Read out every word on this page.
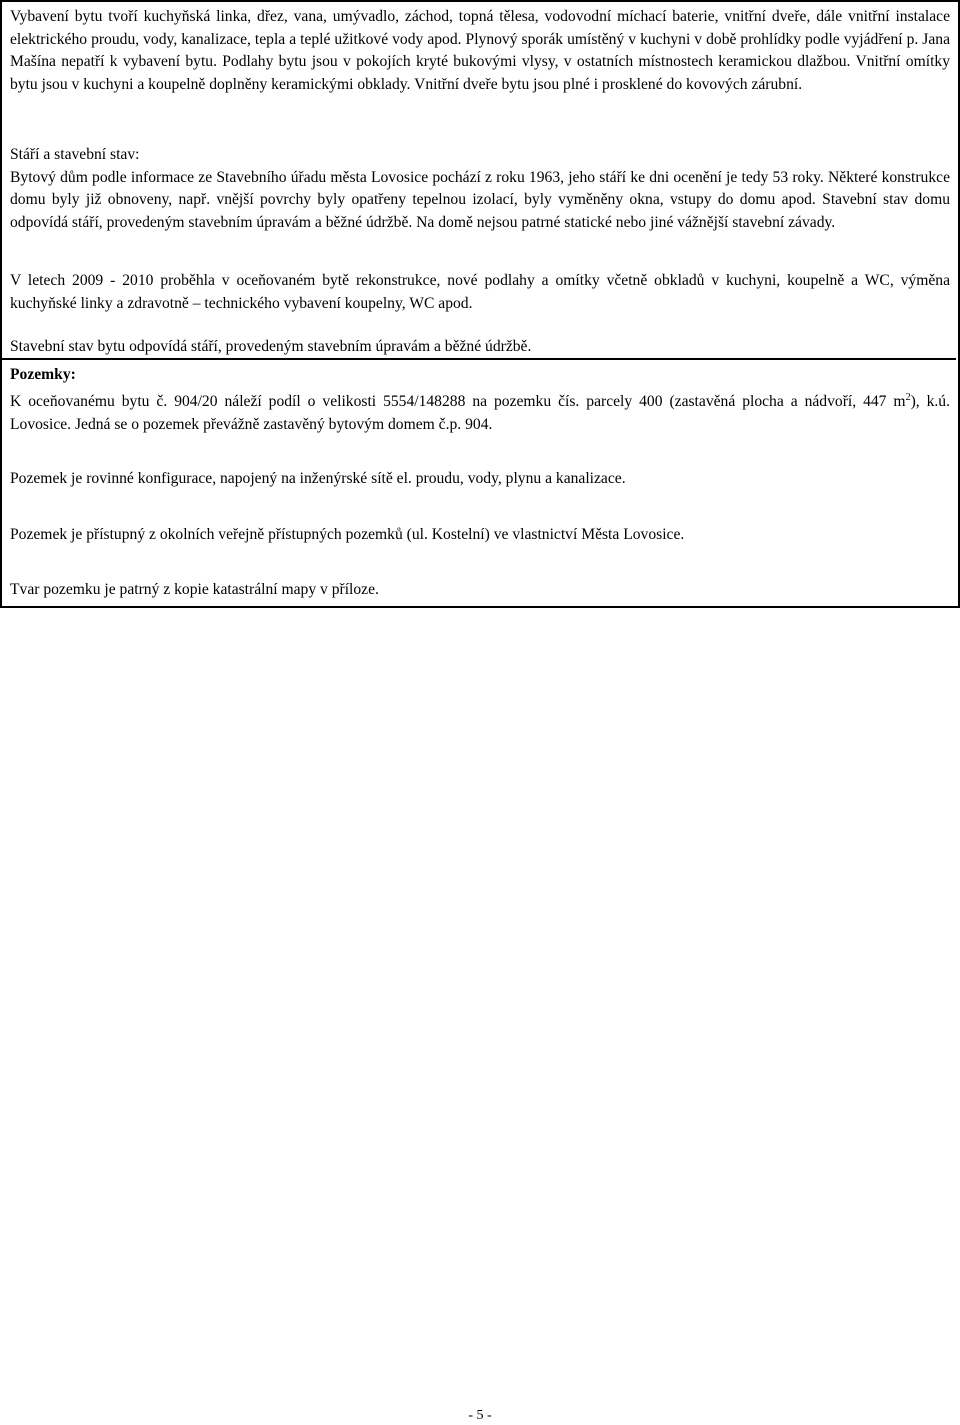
Vybavení bytu tvoří kuchyňská linka, dřez, vana, umývadlo, záchod, topná tělesa, vodovodní míchací baterie, vnitřní dveře, dále vnitřní instalace elektrického proudu, vody, kanalizace, tepla a teplé užitkové vody apod. Plynový sporák umístěný v kuchyni v době prohlídky podle vyjádření p. Jana Mašína nepatří k vybavení bytu. Podlahy bytu jsou v pokojích kryté bukovými vlysy, v ostatních místnostech keramickou dlažbou. Vnitřní omítky bytu jsou v kuchyni a koupelně doplněny keramickými obklady. Vnitřní dveře bytu jsou plné i prosklené do kovových zárubní.

Stáří a stavební stav:
Bytový dům podle informace ze Stavebního úřadu města Lovosice pochází z roku 1963, jeho stáří ke dni ocenění je tedy 53 roky. Některé konstrukce domu byly již obnoveny, např. vnější povrchy byly opatřeny tepelnou izolací, byly vyměněny okna, vstupy do domu apod. Stavební stav domu odpovídá stáří, provedeným stavebním úpravám a běžné údržbě. Na domě nejsou patrné statické nebo jiné vážnější stavební závady.

V letech 2009 - 2010 proběhla v oceňovaném bytě rekonstrukce, nové podlahy a omítky včetně obkladů v kuchyni, koupelně a WC, výměna kuchyňské linky a zdravotně – technického vybavení koupelny, WC apod.

Stavební stav bytu odpovídá stáří, provedeným stavebním úpravám a běžné údržbě.

Pozemky:

K oceňovanému bytu č. 904/20 náleží podíl o velikosti 5554/148288 na pozemku čís. parcely 400 (zastavěná plocha a nádvoří, 447 $m^2$), k.ú. Lovosice. Jedná se o pozemek převážně zastavěný bytovým domem č.p. 904.

Pozemek je rovinné konfigurace, napojený na inženýrské sítě el. proudu, vody, plynu a kanalizace.

Pozemek je přístupný z okolních veřejně přístupných pozemků (ul. Kostelní) ve vlastnictví Města Lovosice.

Tvar pozemku je patrný z kopie katastrální mapy v příloze.

- 5 -
